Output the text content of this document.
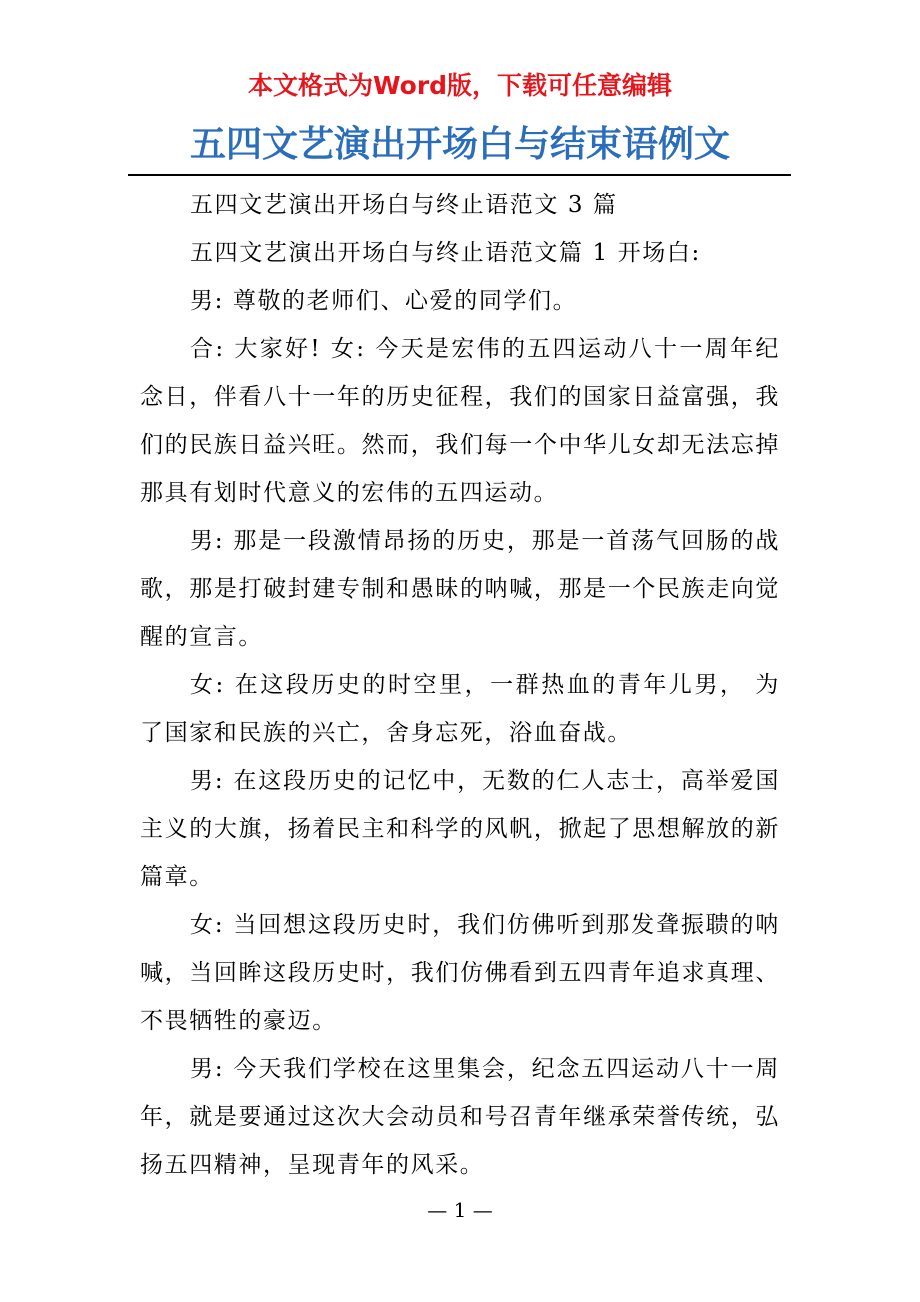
本文格式为Word版，下载可任意编辑
五四文艺演出开场白与结束语例文

五四文艺演出开场白与终止语范文 3 篇

五四文艺演出开场白与终止语范文篇 1 开场白:

男: 尊敬的老师们、心爱的同学们。

合: 大家好! 女: 今天是宏伟的五四运动八十一周年纪念日，伴看八十一年的历史征程，我们的国家日益富强，我们的民族日益兴旺。然而，我们每一个中华儿女却无法忘掉那具有划时代意义的宏伟的五四运动。

男: 那是一段激情昂扬的历史，那是一首荡气回肠的战歌，那是打破封建专制和愚昧的呐喊，那是一个民族走向觉醒的宣言。

女: 在这段历史的时空里，一群热血的青年儿男， 为了国家和民族的兴亡，舍身忘死，浴血奋战。

男: 在这段历史的记忆中，无数的仁人志士，高举爱国主义的大旗，扬着民主和科学的风帆，掀起了思想解放的新篇章。

女: 当回想这段历史时，我们仿佛听到那发聋振聩的呐喊，当回眸这段历史时，我们仿佛看到五四青年追求真理、不畏牺牲的豪迈。

男: 今天我们学校在这里集会，纪念五四运动八十一周年，就是要通过这次大会动员和号召青年继承荣誉传统，弘扬五四精神，呈现青年的风采。

— 1 —
